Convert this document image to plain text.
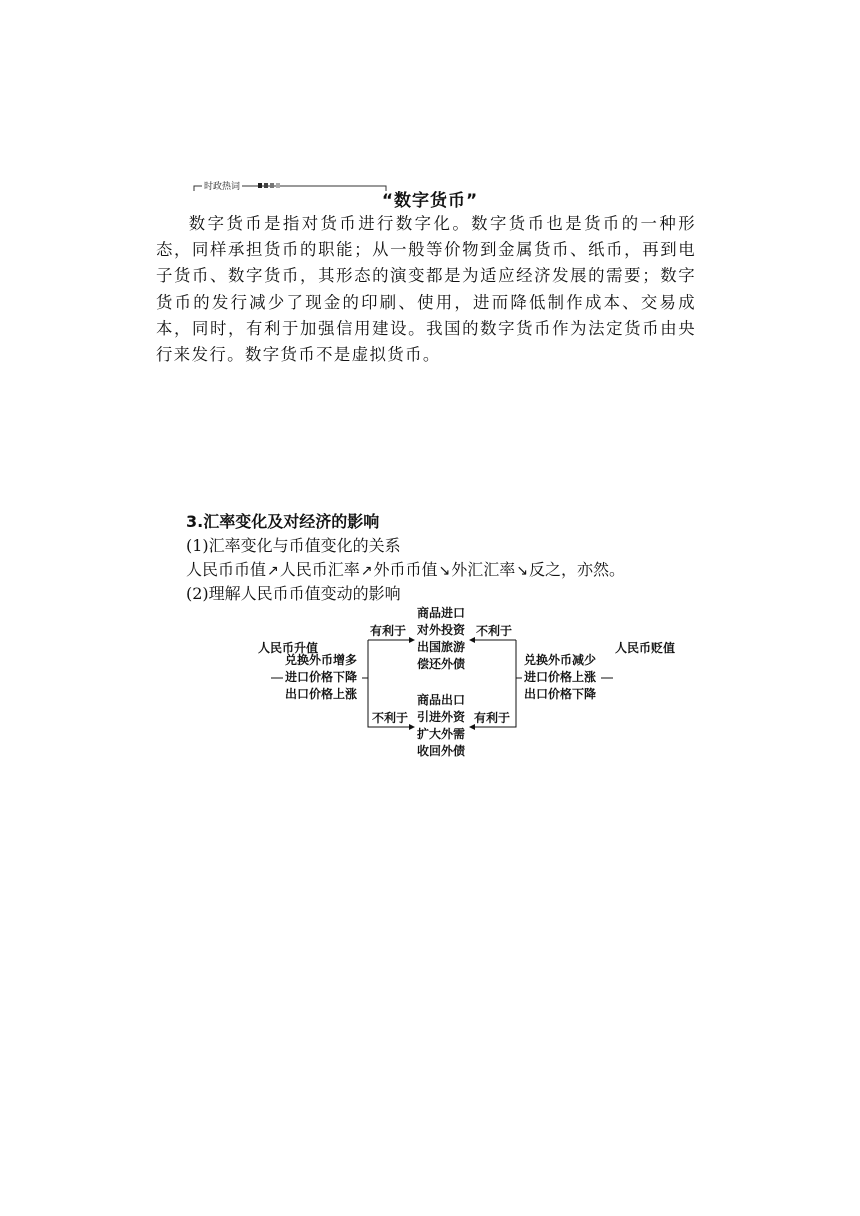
时政热词
“数字货币”
数字货币是指对货币进行数字化。数字货币也是货币的一种形态，同样承担货币的职能；从一般等价物到金属货币、纸币，再到电子货币、数字货币，其形态的演变都是为适应经济发展的需要；数字货币的发行减少了现金的印刷、使用，进而降低制作成本、交易成本，同时，有利于加强信用建设。我国的数字货币作为法定货币由央行来发行。数字货币不是虚拟货币。
3.汇率变化及对经济的影响
(1)汇率变化与币值变化的关系
人民币币值↗人民币汇率↗外币币值↘外汇汇率↘反之，亦然。
(2)理解人民币币值变动的影响
人民币升值	人民币贬值
兑换外币增多
进口价格下降
出口价格上涨
兑换外币减少
进口价格上涨
出口价格下降
商品进口
对外投资
出国旅游
偿还外债
商品出口
引进外资
扩大外需
收回外债
有利于	不利于
不利于	有利于
